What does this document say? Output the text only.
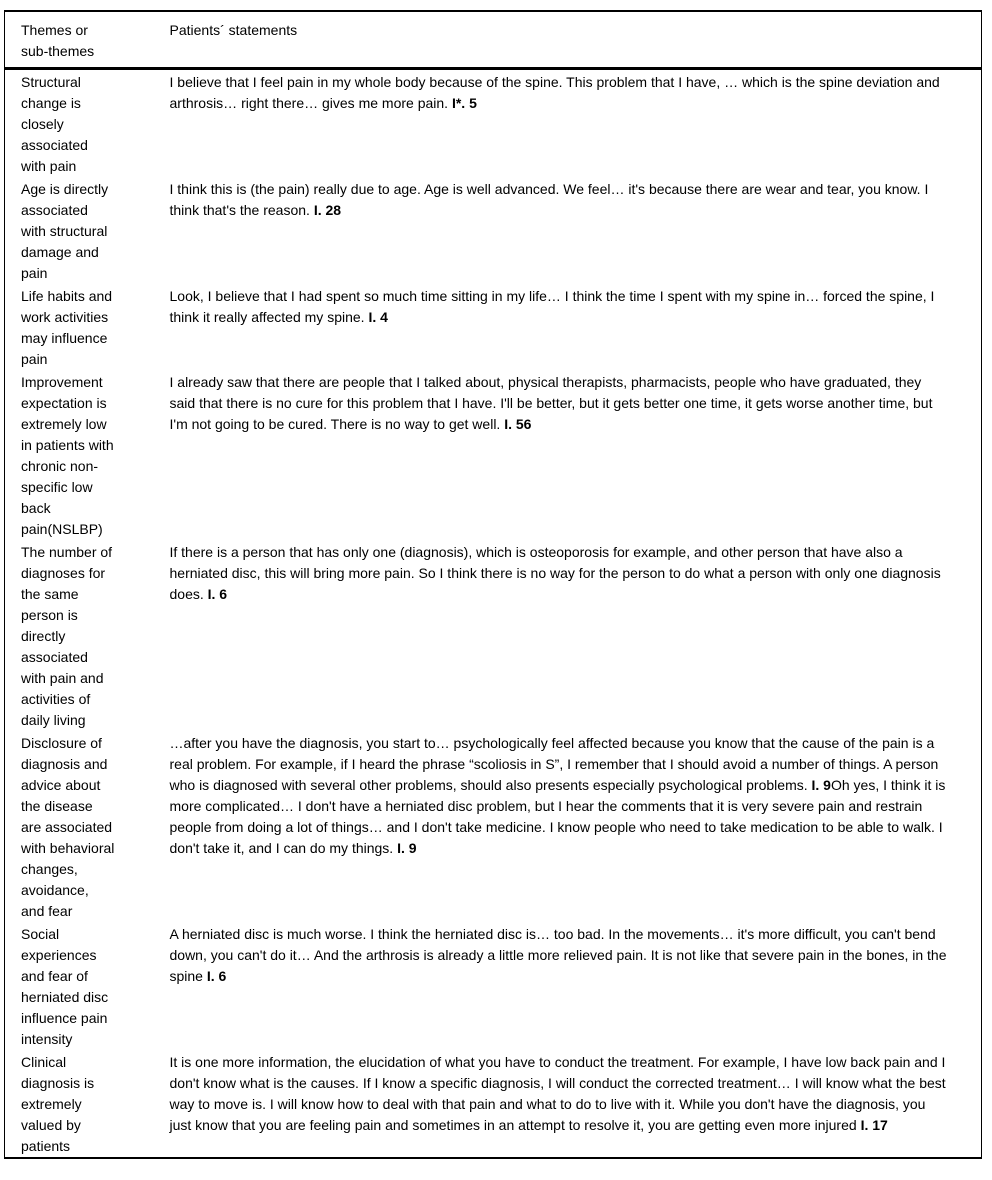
Themes or sub-themes	Patients´ statements
Structural change is closely associated with pain	I believe that I feel pain in my whole body because of the spine. This problem that I have, … which is the spine deviation and arthrosis… right there… gives me more pain. I*. 5
Age is directly associated with structural damage and pain	I think this is (the pain) really due to age. Age is well advanced. We feel… it's because there are wear and tear, you know. I think that's the reason. I. 28
Life habits and work activities may influence pain	Look, I believe that I had spent so much time sitting in my life… I think the time I spent with my spine in… forced the spine, I think it really affected my spine. I. 4
Improvement expectation is extremely low in patients with chronic non-specific low back pain(NSLBP)	I already saw that there are people that I talked about, physical therapists, pharmacists, people who have graduated, they said that there is no cure for this problem that I have. I'll be better, but it gets better one time, it gets worse another time, but I'm not going to be cured. There is no way to get well. I. 56
The number of diagnoses for the same person is directly associated with pain and activities of daily living	If there is a person that has only one (diagnosis), which is osteoporosis for example, and other person that have also a herniated disc, this will bring more pain. So I think there is no way for the person to do what a person with only one diagnosis does. I. 6
Disclosure of diagnosis and advice about the disease are associated with behavioral changes, avoidance, and fear	…after you have the diagnosis, you start to… psychologically feel affected because you know that the cause of the pain is a real problem. For example, if I heard the phrase “scoliosis in S”, I remember that I should avoid a number of things. A person who is diagnosed with several other problems, should also presents especially psychological problems. I. 9Oh yes, I think it is more complicated… I don't have a herniated disc problem, but I hear the comments that it is very severe pain and restrain people from doing a lot of things… and I don't take medicine. I know people who need to take medication to be able to walk. I don't take it, and I can do my things. I. 9
Social experiences and fear of herniated disc influence pain intensity	A herniated disc is much worse. I think the herniated disc is… too bad. In the movements… it's more difficult, you can't bend down, you can't do it… And the arthrosis is already a little more relieved pain. It is not like that severe pain in the bones, in the spine I. 6
Clinical diagnosis is extremely valued by patients	It is one more information, the elucidation of what you have to conduct the treatment. For example, I have low back pain and I don't know what is the causes. If I know a specific diagnosis, I will conduct the corrected treatment… I will know what the best way to move is. I will know how to deal with that pain and what to do to live with it. While you don't have the diagnosis, you just know that you are feeling pain and sometimes in an attempt to resolve it, you are getting even more injured I. 17
